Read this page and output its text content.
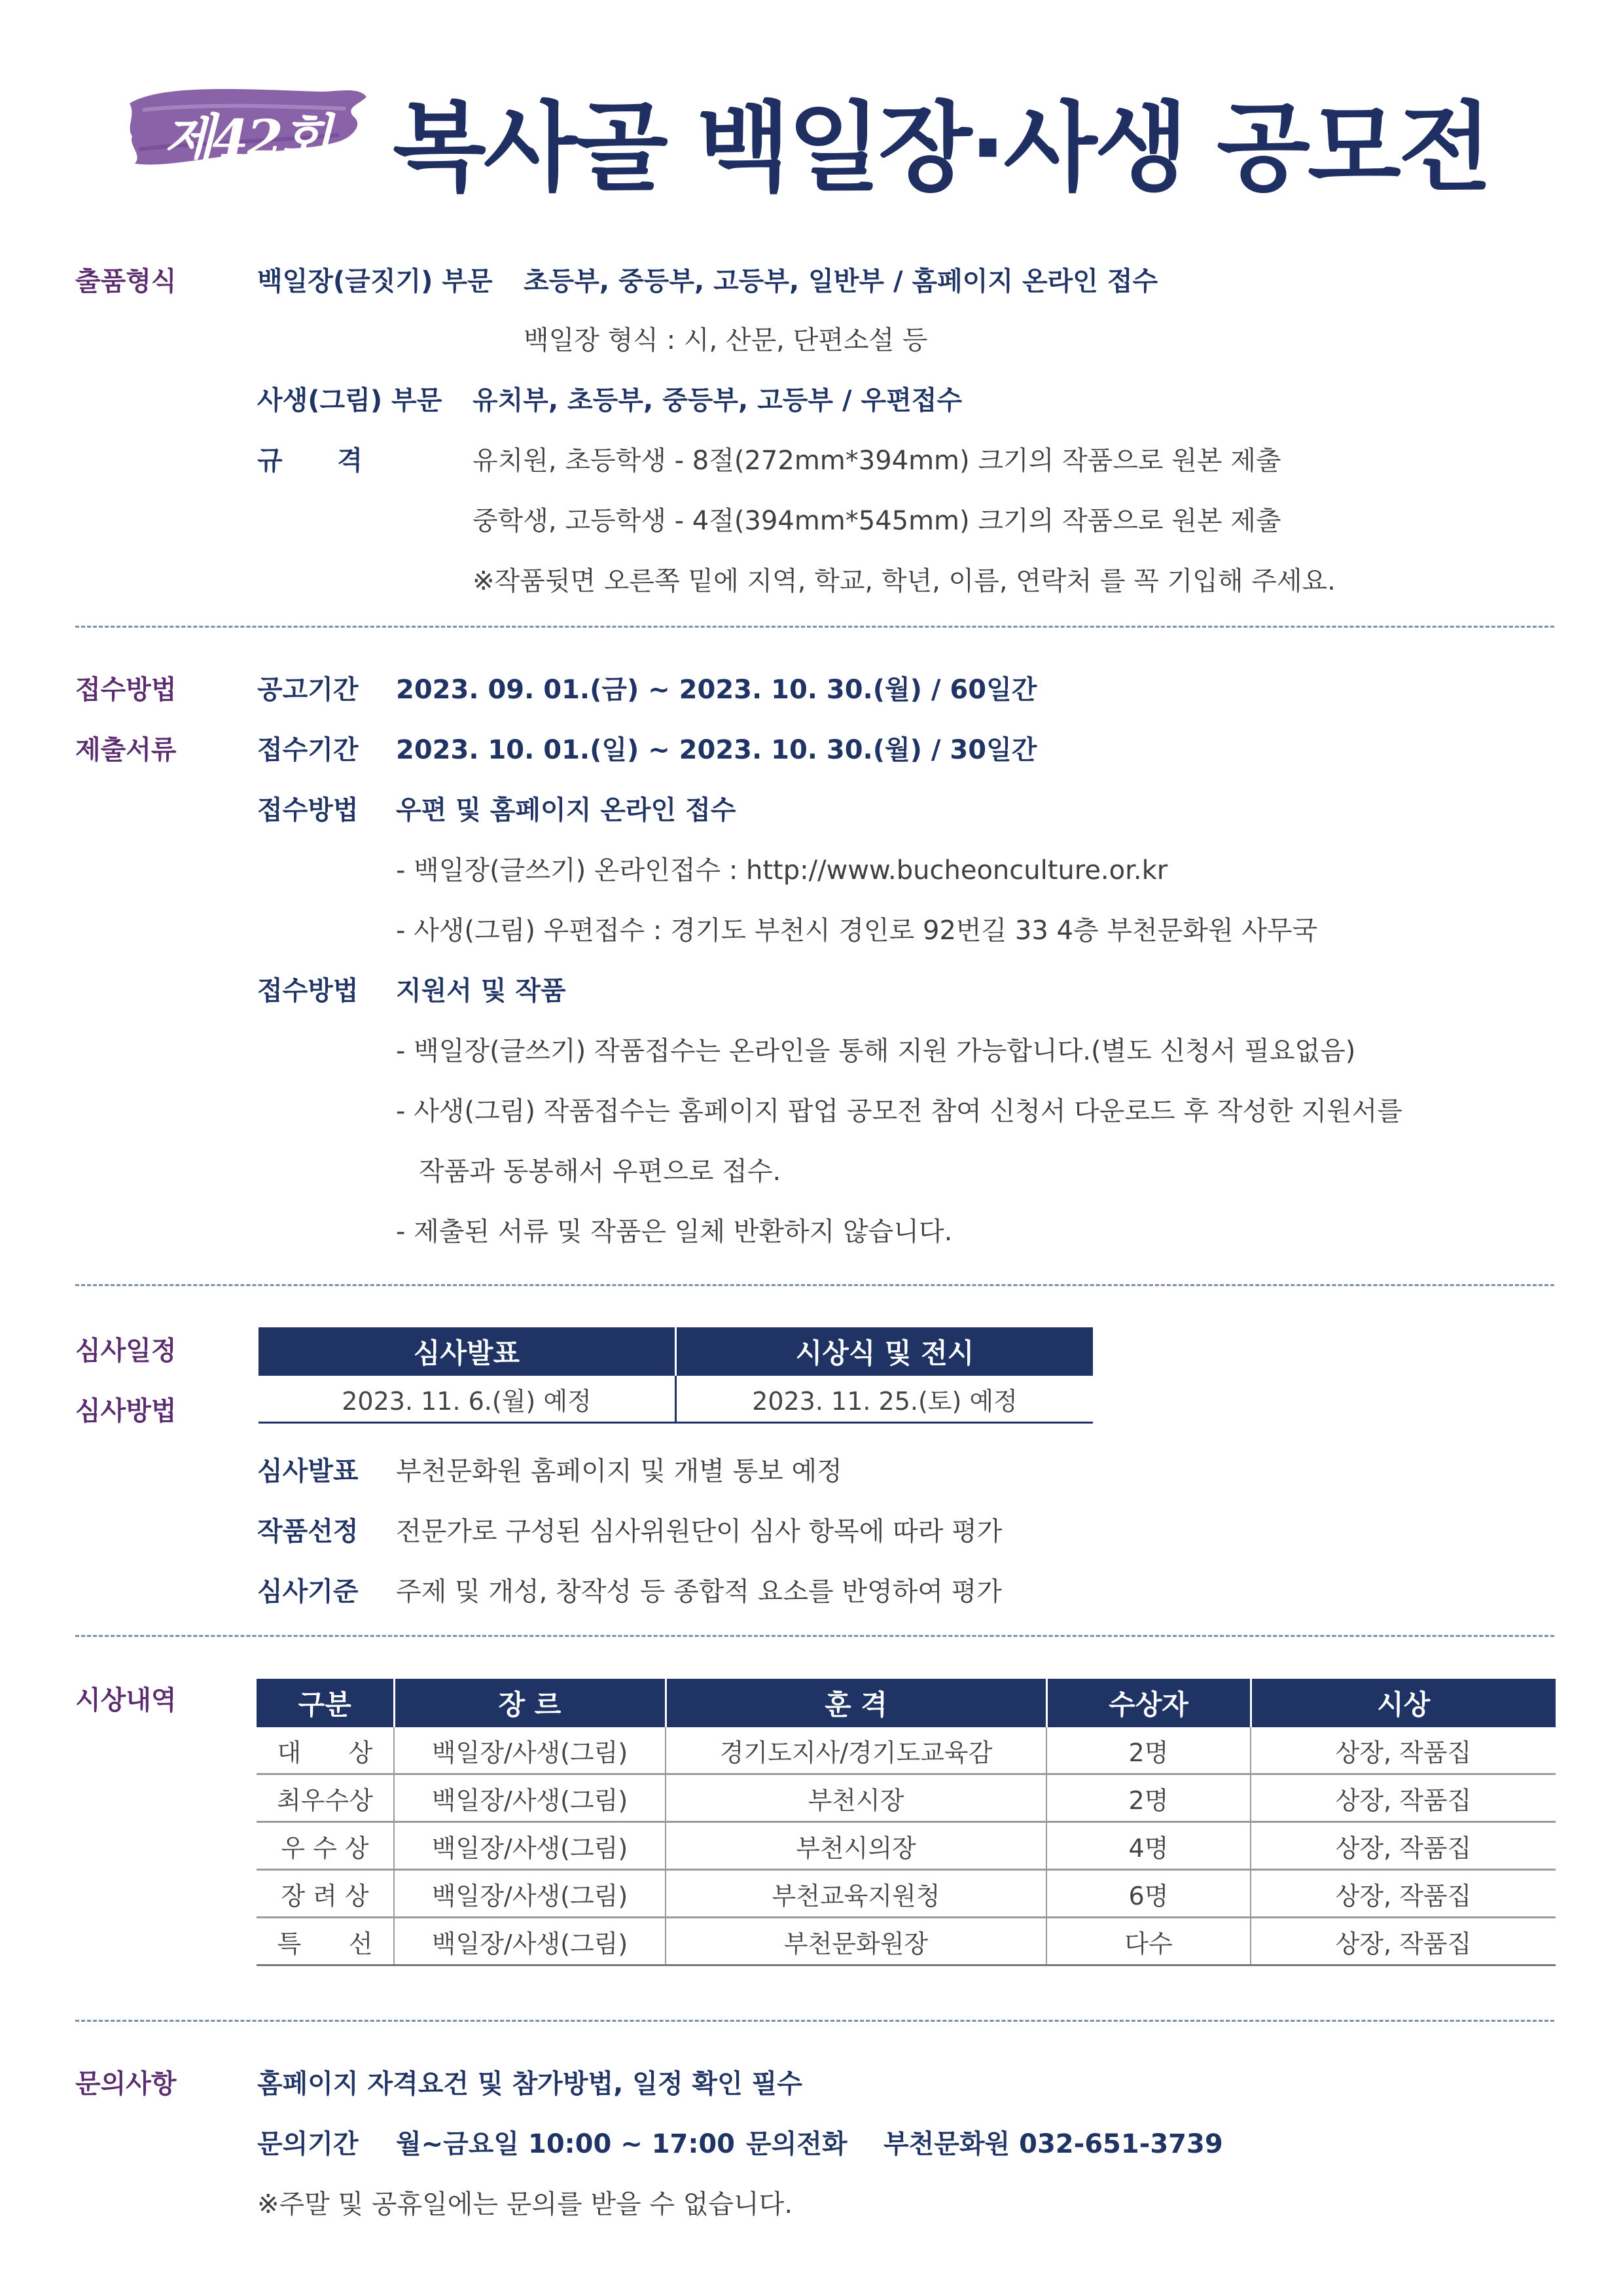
제42회 복사골 백일장·사생 공모전
출품형식	백일장(글짓기) 부문 초등부, 중등부, 고등부, 일반부 / 홈페이지 온라인 접수
백일장 형식 : 시, 산문, 단편소설 등
사생(그림) 부문 유치부, 초등부, 중등부, 고등부 / 우편접수
규      격	유치원, 초등학생 - 8절(272mm*394mm) 크기의 작품으로 원본 제출
중학생, 고등학생 - 4절(394mm*545mm) 크기의 작품으로 원본 제출
※작품뒷면 오른쪽 밑에 지역, 학교, 학년, 이름, 연락처 를 꼭 기입해 주세요.
접수방법
제출서류
공고기간 2023. 09. 01.(금) ~ 2023. 10. 30.(월) / 60일간
접수기간 2023. 10. 01.(일) ~ 2023. 10. 30.(월) / 30일간
접수방법 우편 및 홈페이지 온라인 접수
- 백일장(글쓰기) 온라인접수 : http://www.bucheonculture.or.kr
- 사생(그림) 우편접수 : 경기도 부천시 경인로 92번길 33 4층 부천문화원 사무국
접수방법 지원서 및 작품
- 백일장(글쓰기) 작품접수는 온라인을 통해 지원 가능합니다.(별도 신청서 필요없음)
- 사생(그림) 작품접수는 홈페이지 팝업 공모전 참여 신청서 다운로드 후 작성한 지원서를
작품과 동봉해서 우편으로 접수.
- 제출된 서류 및 작품은 일체 반환하지 않습니다.
심사일정
심사방법
심사발표	시상식 및 전시
2023. 11. 6.(월) 예정	2023. 11. 25.(토) 예정
심사발표 부천문화원 홈페이지 및 개별 통보 예정
작품선정 전문가로 구성된 심사위원단이 심사 항목에 따라 평가
심사기준 주제 및 개성, 창작성 등 종합적 요소를 반영하여 평가
시상내역	구분	장 르	훈 격	수상자	시상
대      상	백일장/사생(그림)	경기도지사/경기도교육감	2명	상장, 작품집
최우수상	백일장/사생(그림)	부천시장	2명	상장, 작품집
우 수 상	백일장/사생(그림)	부천시의장	4명	상장, 작품집
장 려 상	백일장/사생(그림)	부천교육지원청	6명	상장, 작품집
특      선	백일장/사생(그림)	부천문화원장	다수	상장, 작품집
문의사항	홈페이지 자격요건 및 참가방법, 일정 확인 필수
문의기간 월~금요일 10:00 ~ 17:00 문의전화 부천문화원 032-651-3739
※주말 및 공휴일에는 문의를 받을 수 없습니다.
